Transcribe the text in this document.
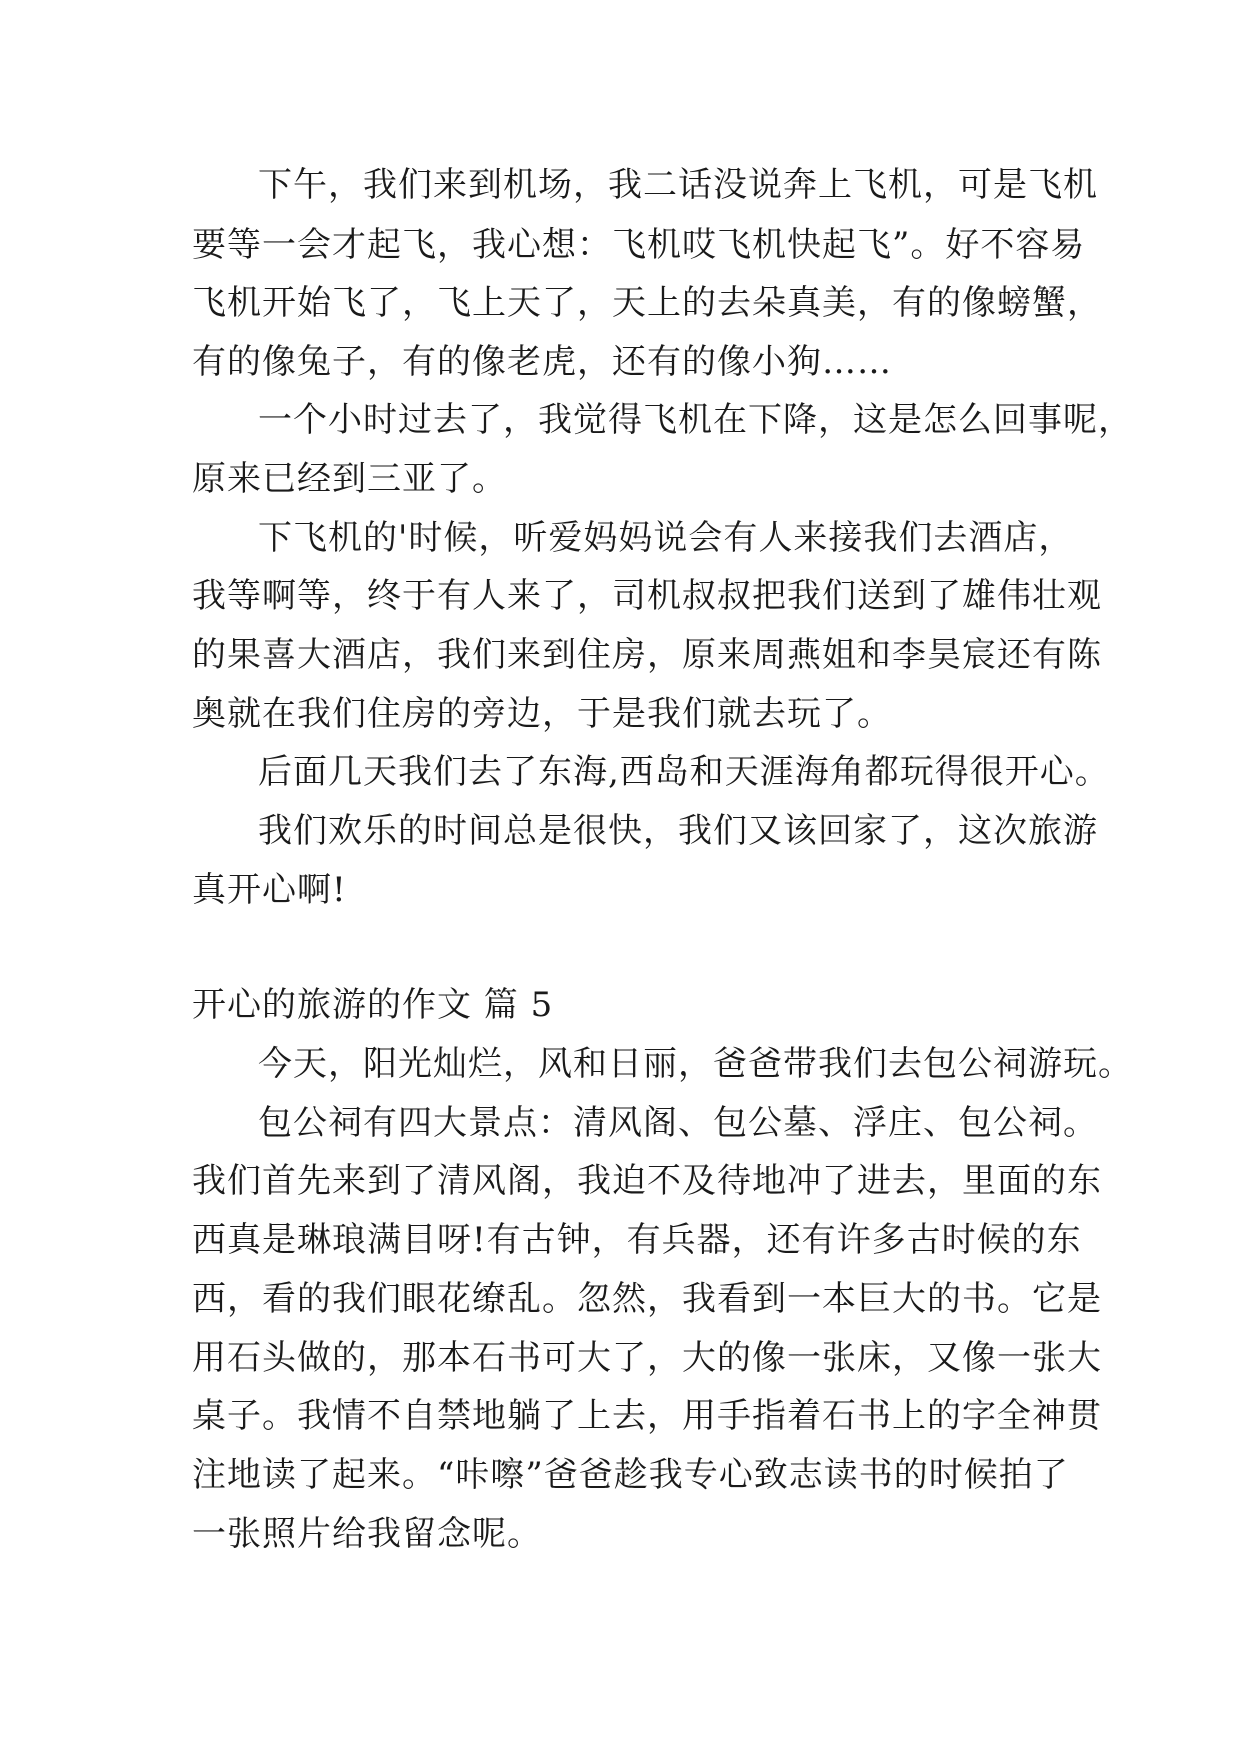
下午，我们来到机场，我二话没说奔上飞机，可是飞机
要等一会才起飞，我心想：飞机哎飞机快起飞”。好不容易
飞机开始飞了，飞上天了，天上的去朵真美，有的像螃蟹，
有的像兔子，有的像老虎，还有的像小狗……
一个小时过去了，我觉得飞机在下降，这是怎么回事呢，
原来已经到三亚了。
下飞机的'时候，听爱妈妈说会有人来接我们去酒店，
我等啊等，终于有人来了，司机叔叔把我们送到了雄伟壮观
的果喜大酒店，我们来到住房，原来周燕姐和李昊宸还有陈
奥就在我们住房的旁边，于是我们就去玩了。
后面几天我们去了东海,西岛和天涯海角都玩得很开心。
我们欢乐的时间总是很快，我们又该回家了，这次旅游
真开心啊!
开心的旅游的作文 篇 5
今天，阳光灿烂，风和日丽，爸爸带我们去包公祠游玩。
包公祠有四大景点：清风阁、包公墓、浮庄、包公祠。
我们首先来到了清风阁，我迫不及待地冲了进去，里面的东
西真是琳琅满目呀!有古钟，有兵器，还有许多古时候的东
西，看的我们眼花缭乱。忽然，我看到一本巨大的书。它是
用石头做的，那本石书可大了，大的像一张床，又像一张大
桌子。我情不自禁地躺了上去，用手指着石书上的字全神贯
注地读了起来。“咔嚓”爸爸趁我专心致志读书的时候拍了
一张照片给我留念呢。
